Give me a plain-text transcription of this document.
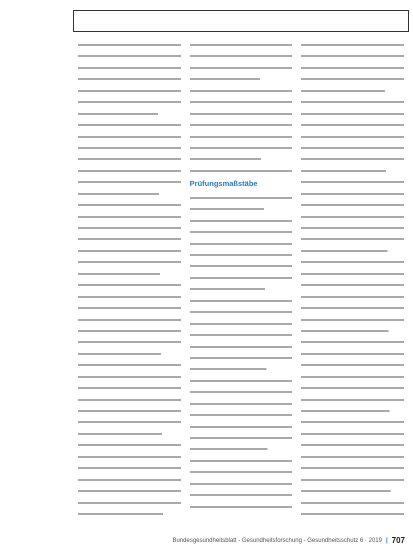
Prüfungsmaßstäbe
Bundesgesundheitsblatt - Gesundheitsforschung - Gesundheitsschutz 6 · 2019 | 707
